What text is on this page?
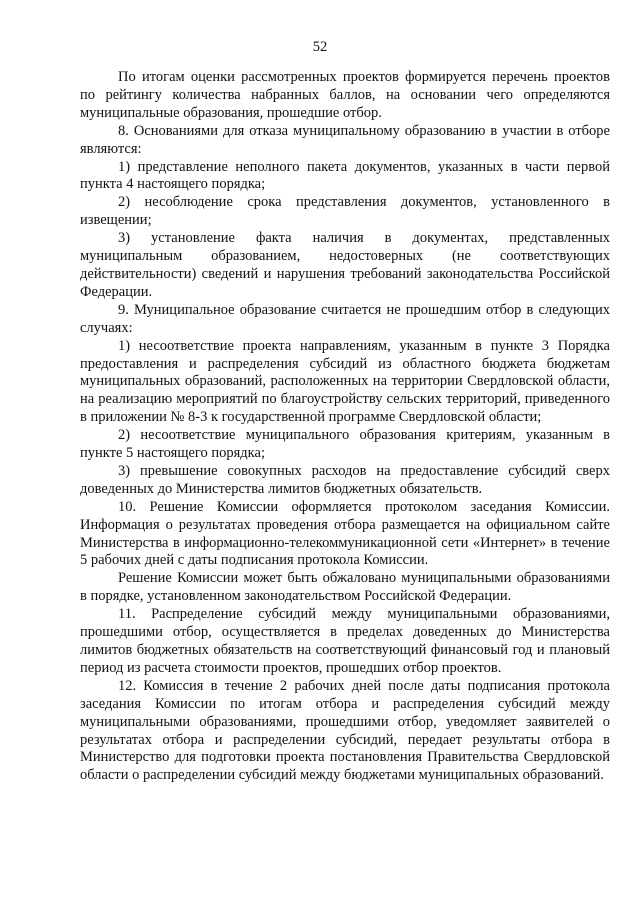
52

По итогам оценки рассмотренных проектов формируется перечень проектов по рейтингу количества набранных баллов, на основании чего определяются муниципальные образования, прошедшие отбор.

8. Основаниями для отказа муниципальному образованию в участии в отборе являются:

1) представление неполного пакета документов, указанных в части первой пункта 4 настоящего порядка;

2) несоблюдение срока представления документов, установленного в извещении;

3) установление факта наличия в документах, представленных муниципальным образованием, недостоверных (не соответствующих действительности) сведений и нарушения требований законодательства Российской Федерации.

9. Муниципальное образование считается не прошедшим отбор в следующих случаях:

1) несоответствие проекта направлениям, указанным в пункте 3 Порядка предоставления и распределения субсидий из областного бюджета бюджетам муниципальных образований, расположенных на территории Свердловской области, на реализацию мероприятий по благоустройству сельских территорий, приведенного в приложении № 8-3 к государственной программе Свердловской области;

2) несоответствие муниципального образования критериям, указанным в пункте 5 настоящего порядка;

3) превышение совокупных расходов на предоставление субсидий сверх доведенных до Министерства лимитов бюджетных обязательств.

10. Решение Комиссии оформляется протоколом заседания Комиссии. Информация о результатах проведения отбора размещается на официальном сайте Министерства в информационно-телекоммуникационной сети «Интернет» в течение 5 рабочих дней с даты подписания протокола Комиссии.

Решение Комиссии может быть обжаловано муниципальными образованиями в порядке, установленном законодательством Российской Федерации.

11. Распределение субсидий между муниципальными образованиями, прошедшими отбор, осуществляется в пределах доведенных до Министерства лимитов бюджетных обязательств на соответствующий финансовый год и плановый период из расчета стоимости проектов, прошедших отбор проектов.

12. Комиссия в течение 2 рабочих дней после даты подписания протокола заседания Комиссии по итогам отбора и распределения субсидий между муниципальными образованиями, прошедшими отбор, уведомляет заявителей о результатах отбора и распределении субсидий, передает результаты отбора в Министерство для подготовки проекта постановления Правительства Свердловской области о распределении субсидий между бюджетами муниципальных образований.
